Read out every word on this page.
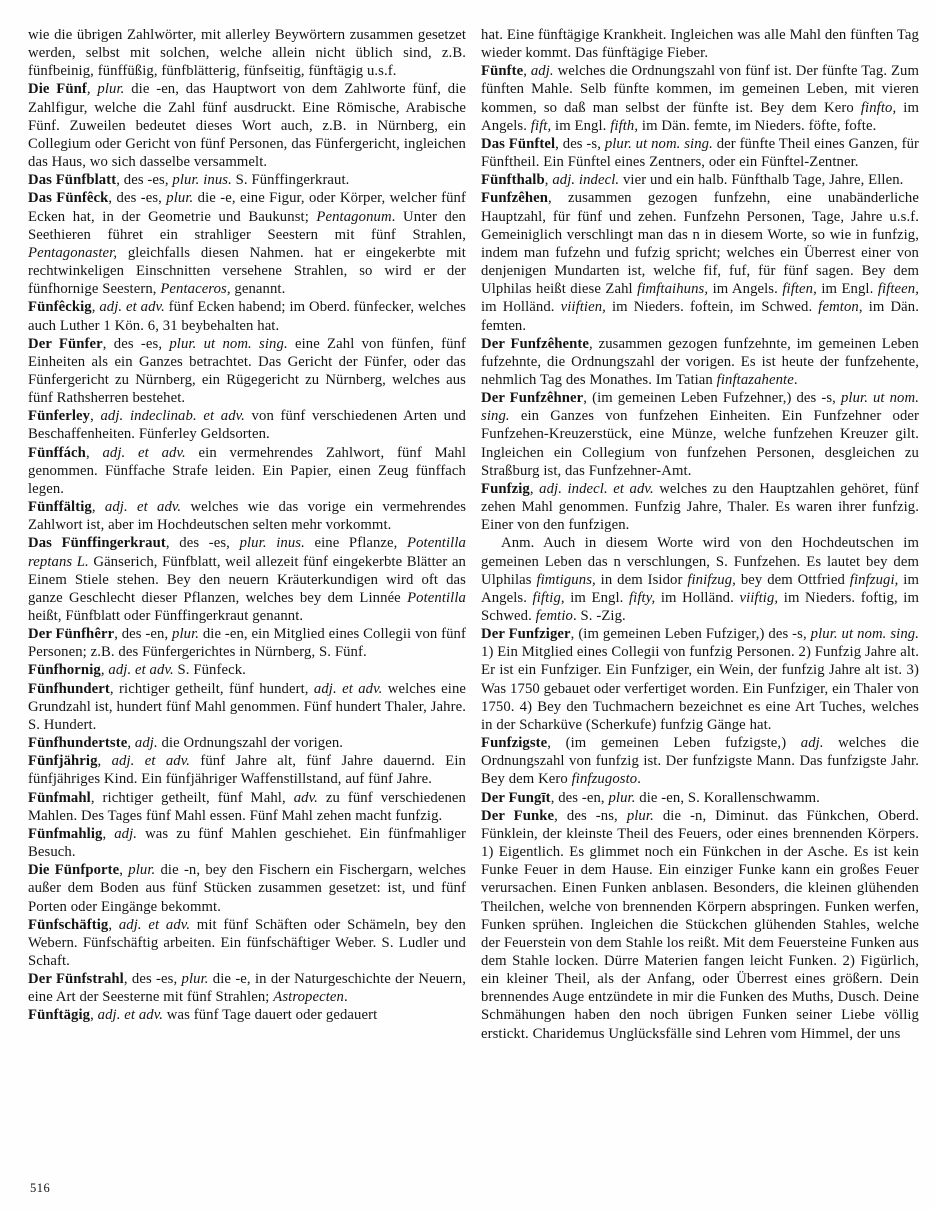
wie die übrigen Zahlwörter, mit allerley Beywörtern zusammen gesetzet werden, selbst mit solchen, welche allein nicht üblich sind, z.B. fünfbeinig, fünffüßig, fünfblätterig, fünfseitig, fünftägig u.s.f.

Die Fünf, plur. die -en, das Hauptwort von dem Zahlworte fünf, die Zahlfigur, welche die Zahl fünf ausdruckt. Eine Römische, Arabische Fünf. Zuweilen bedeutet dieses Wort auch, z.B. in Nürnberg, ein Collegium oder Gericht von fünf Personen, das Fünfergericht, ingleichen das Haus, wo sich dasselbe versammelt.

Das Fünfblatt, des -es, plur. inus. S. Fünffingerkraut.

Das Fünfêck, des -es, plur. die -e, eine Figur, oder Körper, welcher fünf Ecken hat, in der Geometrie und Baukunst; Pentagonum. Unter den Seethieren führet ein strahliger Seestern mit fünf Strahlen, Pentagonaster, gleichfalls diesen Nahmen. hat er eingekerbte mit rechtwinkeligen Einschnitten versehene Strahlen, so wird er der fünfhornige Seestern, Pentaceros, genannt.

Fünfêckig, adj. et adv. fünf Ecken habend; im Oberd. fünfecker, welches auch Luther 1 Kön. 6, 31 beybehalten hat.

Der Fünfer, des -es, plur. ut nom. sing. eine Zahl von fünfen, fünf Einheiten als ein Ganzes betrachtet. Das Gericht der Fünfer, oder das Fünfergericht zu Nürnberg, ein Rügegericht zu Nürnberg, welches aus fünf Rathsherren bestehet.

Fünferley, adj. indeclinab. et adv. von fünf verschiedenen Arten und Beschaffenheiten. Fünferley Geldsorten.

Fünffách, adj. et adv. ein vermehrendes Zahlwort, fünf Mahl genommen. Fünffache Strafe leiden. Ein Papier, einen Zeug fünffach legen.

Fünffältig, adj. et adv. welches wie das vorige ein vermehrendes Zahlwort ist, aber im Hochdeutschen selten mehr vorkommt.

Das Fünffingerkraut, des -es, plur. inus. eine Pflanze, Potentilla reptans L. Gänserich, Fünfblatt, weil allezeit fünf eingekerbte Blätter an Einem Stiele stehen. Bey den neuern Kräuterkundigen wird oft das ganze Geschlecht dieser Pflanzen, welches bey dem Linnée Potentilla heißt, Fünfblatt oder Fünffingerkraut genannt.

Der Fünfhêrr, des -en, plur. die -en, ein Mitglied eines Collegii von fünf Personen; z.B. des Fünfergerichtes in Nürnberg, S. Fünf.

Fünfhornig, adj. et adv. S. Fünfeck.

Fünfhundert, richtiger getheilt, fünf hundert, adj. et adv. welches eine Grundzahl ist, hundert fünf Mahl genommen. Fünf hundert Thaler, Jahre. S. Hundert.

Fünfhundertste, adj. die Ordnungszahl der vorigen.

Fünfjährig, adj. et adv. fünf Jahre alt, fünf Jahre dauernd. Ein fünfjähriges Kind. Ein fünfjähriger Waffenstillstand, auf fünf Jahre.

Fünfmahl, richtiger getheilt, fünf Mahl, adv. zu fünf verschiedenen Mahlen. Des Tages fünf Mahl essen. Fünf Mahl zehen macht funfzig.

Fünfmahlig, adj. was zu fünf Mahlen geschiehet. Ein fünfmahliger Besuch.

Die Fünfporte, plur. die -n, bey den Fischern ein Fischergarn, welches außer dem Boden aus fünf Stücken zusammen gesetzet: ist, und fünf Porten oder Eingänge bekommt.

Fünfschäftig, adj. et adv. mit fünf Schäften oder Schämeln, bey den Webern. Fünfschäftig arbeiten. Ein fünfschäftiger Weber. S. Ludler und Schaft.

Der Fünfstrahl, des -es, plur. die -e, in der Naturgeschichte der Neuern, eine Art der Seesterne mit fünf Strahlen; Astropecten.

Fünftägig, adj. et adv. was fünf Tage dauert oder gedauert

hat. Eine fünftägige Krankheit. Ingleichen was alle Mahl den fünften Tag wieder kommt. Das fünftägige Fieber.

Fünfte, adj. welches die Ordnungszahl von fünf ist. Der fünfte Tag. Zum fünften Mahle. Selb fünfte kommen, im gemeinen Leben, mit vieren kommen, so daß man selbst der fünfte ist. Bey dem Kero finfto, im Angels. fift, im Engl. fifth, im Dän. femte, im Nieders. föfte, fofte.

Das Fünftel, des -s, plur. ut nom. sing. der fünfte Theil eines Ganzen, für Fünftheil. Ein Fünftel eines Zentners, oder ein Fünftel-Zentner.

Fünfthalb, adj. indecl. vier und ein halb. Fünfthalb Tage, Jahre, Ellen.

Funfzêhen, zusammen gezogen funfzehn, eine unabänderliche Hauptzahl, für fünf und zehen. Funfzehn Personen, Tage, Jahre u.s.f. Gemeiniglich verschlingt man das n in diesem Worte, so wie in funfzig, indem man fufzehn und fufzig spricht; welches ein Überrest einer von denjenigen Mundarten ist, welche fif, fuf, für fünf sagen. Bey dem Ulphilas heißt diese Zahl fimftaihuns, im Angels. fiften, im Engl. fifteen, im Holländ. viiftien, im Nieders. foftein, im Schwed. femton, im Dän. femten.

Der Funfzêhente, zusammen gezogen funfzehnte, im gemeinen Leben fufzehnte, die Ordnungszahl der vorigen. Es ist heute der funfzehente, nehmlich Tag des Monathes. Im Tatian finftazahente.

Der Funfzêhner, (im gemeinen Leben Fufzehner,) des -s, plur. ut nom. sing. ein Ganzes von funfzehen Einheiten. Ein Funfzehner oder Funfzehen-Kreuzerstück, eine Münze, welche funfzehen Kreuzer gilt. Ingleichen ein Collegium von funfzehen Personen, desgleichen zu Straßburg ist, das Funfzehner-Amt.

Funfzig, adj. indecl. et adv. welches zu den Hauptzahlen gehöret, fünf zehen Mahl genommen. Funfzig Jahre, Thaler. Es waren ihrer funfzig. Einer von den funfzigen.

Anm. Auch in diesem Worte wird von den Hochdeutschen im gemeinen Leben das n verschlungen, S. Funfzehen. Es lautet bey dem Ulphilas fimtiguns, in dem Isidor finifzug, bey dem Ottfried finfzugi, im Angels. fiftig, im Engl. fifty, im Holländ. viiftig, im Nieders. foftig, im Schwed. femtio. S. -Zig.

Der Funfziger, (im gemeinen Leben Fufziger,) des -s, plur. ut nom. sing. 1) Ein Mitglied eines Collegii von funfzig Personen. 2) Funfzig Jahre alt. Er ist ein Funfziger. Ein Funfziger, ein Wein, der funfzig Jahre alt ist. 3) Was 1750 gebauet oder verfertiget worden. Ein Funfziger, ein Thaler von 1750. 4) Bey den Tuchmachern bezeichnet es eine Art Tuches, welches in der Scharküve (Scherkufe) funfzig Gänge hat.

Funfzigste, (im gemeinen Leben fufzigste,) adj. welches die Ordnungszahl von funfzig ist. Der funfzigste Mann. Das funfzigste Jahr. Bey dem Kero finfzugosto.

Der Fungīt, des -en, plur. die -en, S. Korallenschwamm.

Der Funke, des -ns, plur. die -n, Diminut. das Fünkchen, Oberd. Fünklein, der kleinste Theil des Feuers, oder eines brennenden Körpers. 1) Eigentlich. Es glimmet noch ein Fünkchen in der Asche. Es ist kein Funke Feuer in dem Hause. Ein einziger Funke kann ein großes Feuer verursachen. Einen Funken anblasen. Besonders, die kleinen glühenden Theilchen, welche von brennenden Körpern abspringen. Funken werfen, Funken sprühen. Ingleichen die Stückchen glühenden Stahles, welche der Feuerstein von dem Stahle los reißt. Mit dem Feuersteine Funken aus dem Stahle locken. Dürre Materien fangen leicht Funken. 2) Figürlich, ein kleiner Theil, als der Anfang, oder Überrest eines größern. Dein brennendes Auge entzündete in mir die Funken des Muths, Dusch. Deine Schmähungen haben den noch übrigen Funken seiner Liebe völlig erstickt. Charidemus Unglücksfälle sind Lehren vom Himmel, der uns

516
